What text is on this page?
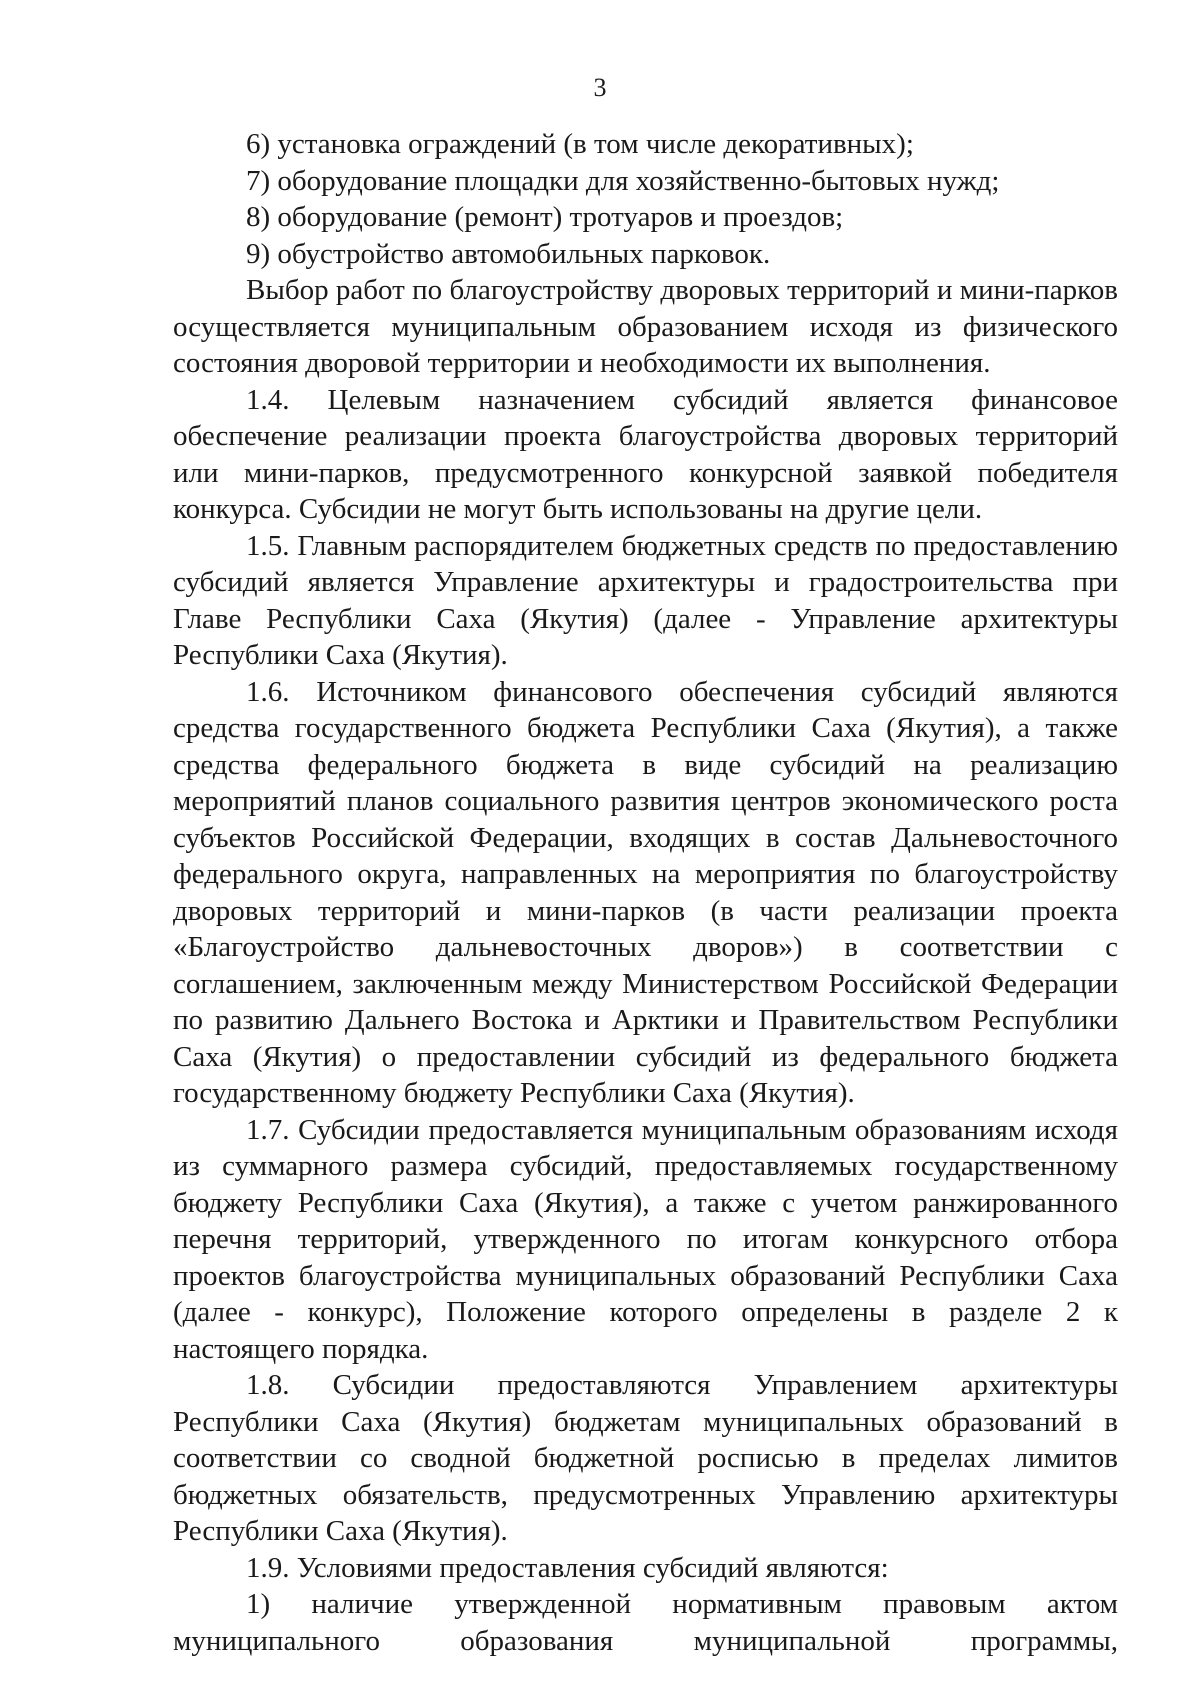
3

6) установка ограждений (в том числе декоративных);

7) оборудование площадки для хозяйственно-бытовых нужд;

8) оборудование (ремонт) тротуаров и проездов;

9) обустройство автомобильных парковок.

Выбор работ по благоустройству дворовых территорий и мини-парков осуществляется муниципальным образованием исходя из физического состояния дворовой территории и необходимости их выполнения.

1.4. Целевым назначением субсидий является финансовое обеспечение реализации проекта благоустройства дворовых территорий или мини-парков, предусмотренного конкурсной заявкой победителя конкурса. Субсидии не могут быть использованы на другие цели.

1.5. Главным распорядителем бюджетных средств по предоставлению субсидий является Управление архитектуры и градостроительства при Главе Республики Саха (Якутия) (далее - Управление архитектуры Республики Саха (Якутия).

1.6. Источником финансового обеспечения субсидий являются средства государственного бюджета Республики Саха (Якутия), а также средства федерального бюджета в виде субсидий на реализацию мероприятий планов социального развития центров экономического роста субъектов Российской Федерации, входящих в состав Дальневосточного федерального округа, направленных на мероприятия по благоустройству дворовых территорий и мини-парков (в части реализации проекта «Благоустройство дальневосточных дворов») в соответствии с соглашением, заключенным между Министерством Российской Федерации по развитию Дальнего Востока и Арктики и Правительством Республики Саха (Якутия) о предоставлении субсидий из федерального бюджета государственному бюджету Республики Саха (Якутия).

1.7. Субсидии предоставляется муниципальным образованиям исходя из суммарного размера субсидий, предоставляемых государственному бюджету Республики Саха (Якутия), а также с учетом ранжированного перечня территорий, утвержденного по итогам конкурсного отбора проектов благоустройства муниципальных образований Республики Саха (далее - конкурс), Положение которого определены в разделе 2 к настоящего порядка.

1.8. Субсидии предоставляются Управлением архитектуры Республики Саха (Якутия) бюджетам муниципальных образований в соответствии со сводной бюджетной росписью в пределах лимитов бюджетных обязательств, предусмотренных Управлению архитектуры Республики Саха (Якутия).

1.9. Условиями предоставления субсидий являются:

1) наличие утвержденной нормативным правовым актом муниципального образования муниципальной программы,
